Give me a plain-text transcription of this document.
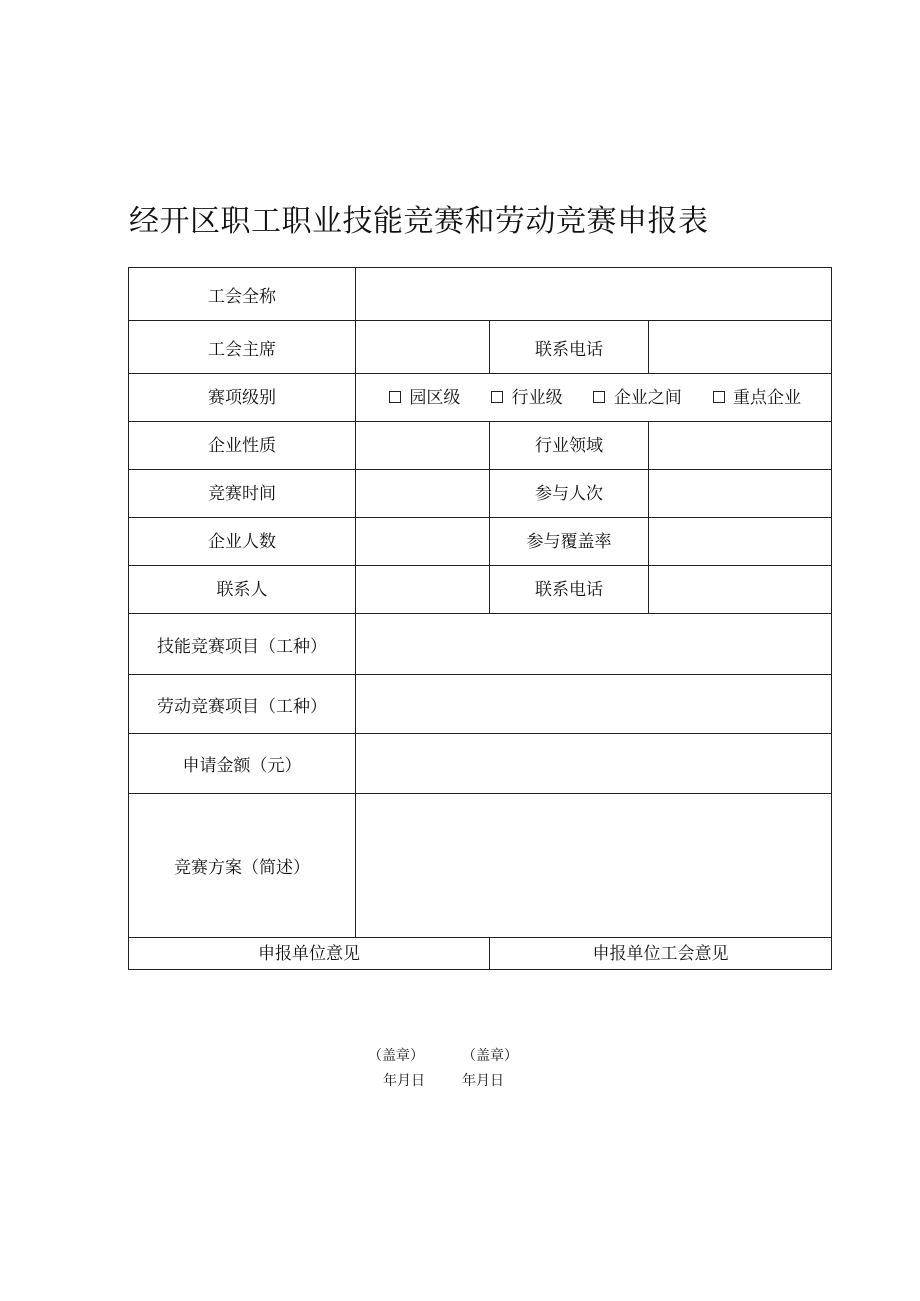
经开区职工职业技能竞赛和劳动竞赛申报表
工会全称			
工会主席		联系电话	
赛项级别	园区级 行业级 企业之间 重点企业		

企业性质		行业领域	
竞赛时间		参与人次	
企业人数		参与覆盖率	
联系人		联系电话	
技能竞赛项目（工种）			
劳动竞赛项目（工种）			
申请金额（元）			
竞赛方案（简述）			
申报单位意见		申报单位工会意见	
（盖章）
年月日
（盖章）
年月日
